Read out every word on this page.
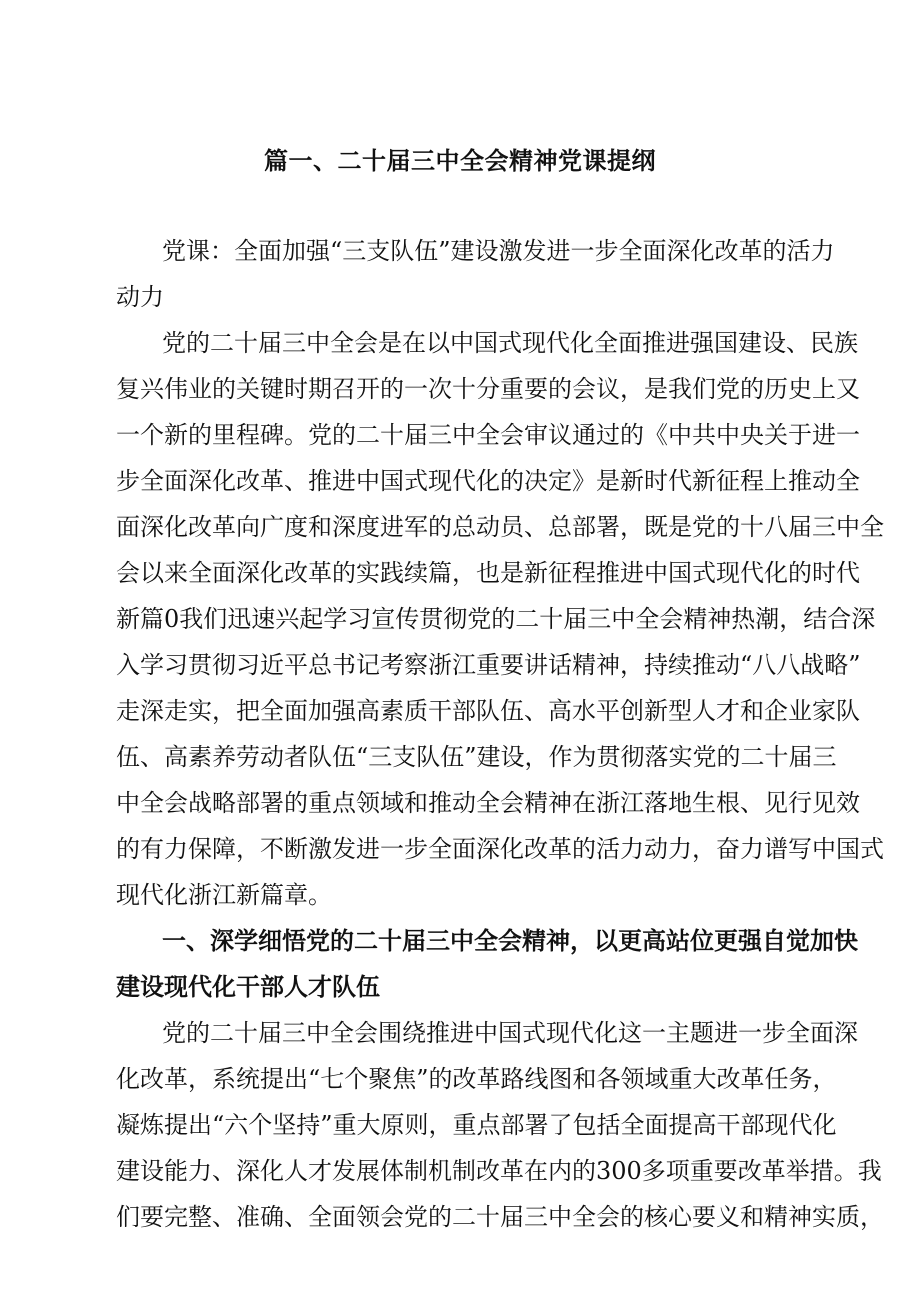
篇一、二十届三中全会精神党课提纲
党课：全面加强“三支队伍”建设激发进一步全面深化改革的活力
动力
党的二十届三中全会是在以中国式现代化全面推进强国建设、民族
复兴伟业的关键时期召开的一次十分重要的会议，是我们党的历史上又
一个新的里程碑。党的二十届三中全会审议通过的《中共中央关于进一
步全面深化改革、推进中国式现代化的决定》是新时代新征程上推动全
面深化改革向广度和深度进军的总动员、总部署，既是党的十八届三中全
会以来全面深化改革的实践续篇，也是新征程推进中国式现代化的时代
新篇0我们迅速兴起学习宣传贯彻党的二十届三中全会精神热潮，结合深
入学习贯彻习近平总书记考察浙江重要讲话精神，持续推动“八八战略”
走深走实，把全面加强高素质干部队伍、高水平创新型人才和企业家队
伍、高素养劳动者队伍“三支队伍”建设，作为贯彻落实党的二十届三
中全会战略部署的重点领域和推动全会精神在浙江落地生根、见行见效
的有力保障，不断激发进一步全面深化改革的活力动力，奋力谱写中国式
现代化浙江新篇章。
一、深学细悟党的二十届三中全会精神，以更高站位更强自觉加快
建设现代化干部人才队伍
党的二十届三中全会围绕推进中国式现代化这一主题进一步全面深
化改革，系统提出“七个聚焦”的改革路线图和各领域重大改革任务，
凝炼提出“六个坚持”重大原则，重点部署了包括全面提高干部现代化
建设能力、深化人才发展体制机制改革在内的300多项重要改革举措。我
们要完整、准确、全面领会党的二十届三中全会的核心要义和精神实质，
